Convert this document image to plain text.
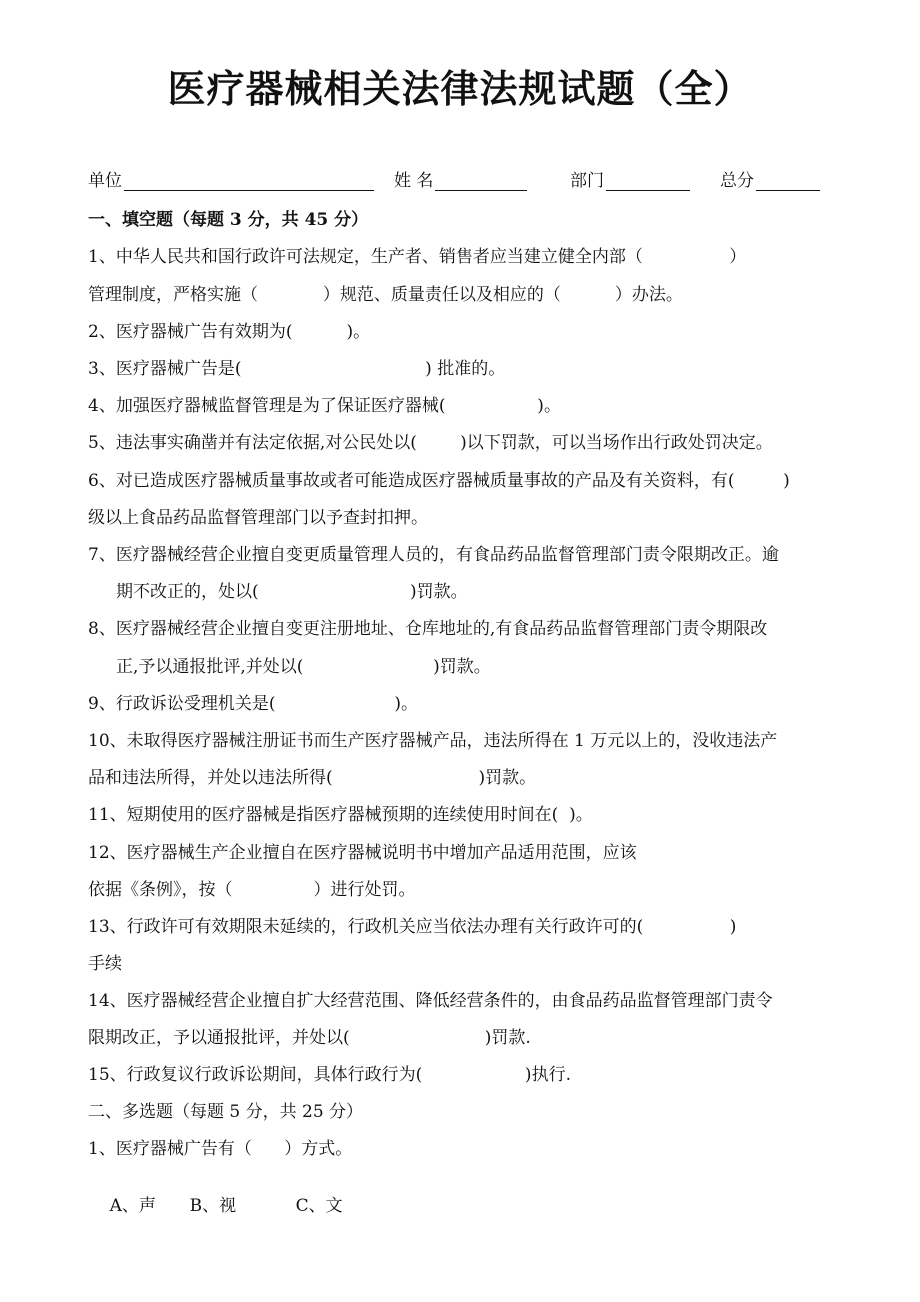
医疗器械相关法律法规试题（全）
单位	姓 名	部门	总分
一、填空题（每题 3 分，共 45 分）
1、中华人民共和国行政许可法规定，生产者、销售者应当建立健全内部（                ）
管理制度，严格实施（            ）规范、质量责任以及相应的（          ）办法。
2、医疗器械广告有效期为(          )。
3、医疗器械广告是(                                  ) 批准的。
4、加强医疗器械监督管理是为了保证医疗器械(                 )。
5、违法事实确凿并有法定依据,对公民处以(        )以下罚款，可以当场作出行政处罚决定。
6、对已造成医疗器械质量事故或者可能造成医疗器械质量事故的产品及有关资料，有(         )
级以上食品药品监督管理部门以予查封扣押。
7、医疗器械经营企业擅自变更质量管理人员的，有食品药品监督管理部门责令限期改正。逾
期不改正的，处以(                            )罚款。
8、医疗器械经营企业擅自变更注册地址、仓库地址的,有食品药品监督管理部门责令期限改
正,予以通报批评,并处以(                        )罚款。
9、行政诉讼受理机关是(                      )。
10、未取得医疗器械注册证书而生产医疗器械产品，违法所得在 1 万元以上的，没收违法产
品和违法所得，并处以违法所得(                           )罚款。
11、短期使用的医疗器械是指医疗器械预期的连续使用时间在(  )。
12、医疗器械生产企业擅自在医疗器械说明书中增加产品适用范围，应该
依据《条例》，按（               ）进行处罚。
13、行政许可有效期限未延续的，行政机关应当依法办理有关行政许可的(                )
手续
14、医疗器械经营企业擅自扩大经营范围、降低经营条件的，由食品药品监督管理部门责令
限期改正，予以通报批评，并处以(                         )罚款.
15、行政复议行政诉讼期间，具体行政行为(                   )执行.
二、多选题（每题 5 分，共 25 分）
1、医疗器械广告有（      ）方式。

A、声 B、视	C、文
